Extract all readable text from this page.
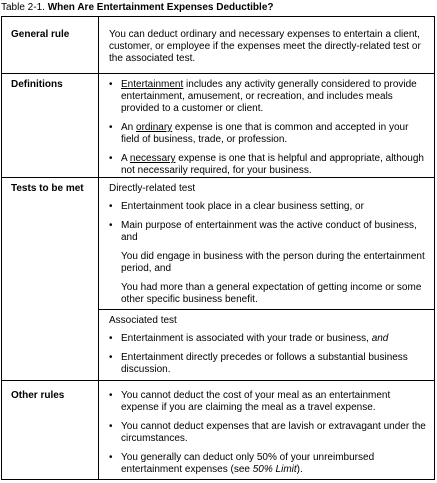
Table 2-1. When Are Entertainment Expenses Deductible?
General rule	You can deduct ordinary and necessary expenses to entertain a client, customer, or employee if the expenses meet the directly-related test or the associated test.

Definitions	• Entertainment includes any activity generally considered to provide entertainment, amusement, or recreation, and includes meals provided to a customer or client.
• An ordinary expense is one that is common and accepted in your field of business, trade, or profession.
• A necessary expense is one that is helpful and appropriate, although not necessarily required, for your business.
Tests to be met	Directly-related test

• Entertainment took place in a clear business setting, or
• Main purpose of entertainment was the active conduct of business, and

You did engage in business with the person during the entertainment period, and

You had more than a general expectation of getting income or some other specific business benefit.

Associated test

• Entertainment is associated with your trade or business, and
• Entertainment directly precedes or follows a substantial business discussion.
Other rules	• You cannot deduct the cost of your meal as an entertainment expense if you are claiming the meal as a travel expense.
• You cannot deduct expenses that are lavish or extravagant under the circumstances.
• You generally can deduct only 50% of your unreimbursed entertainment expenses (see 50% Limit).
